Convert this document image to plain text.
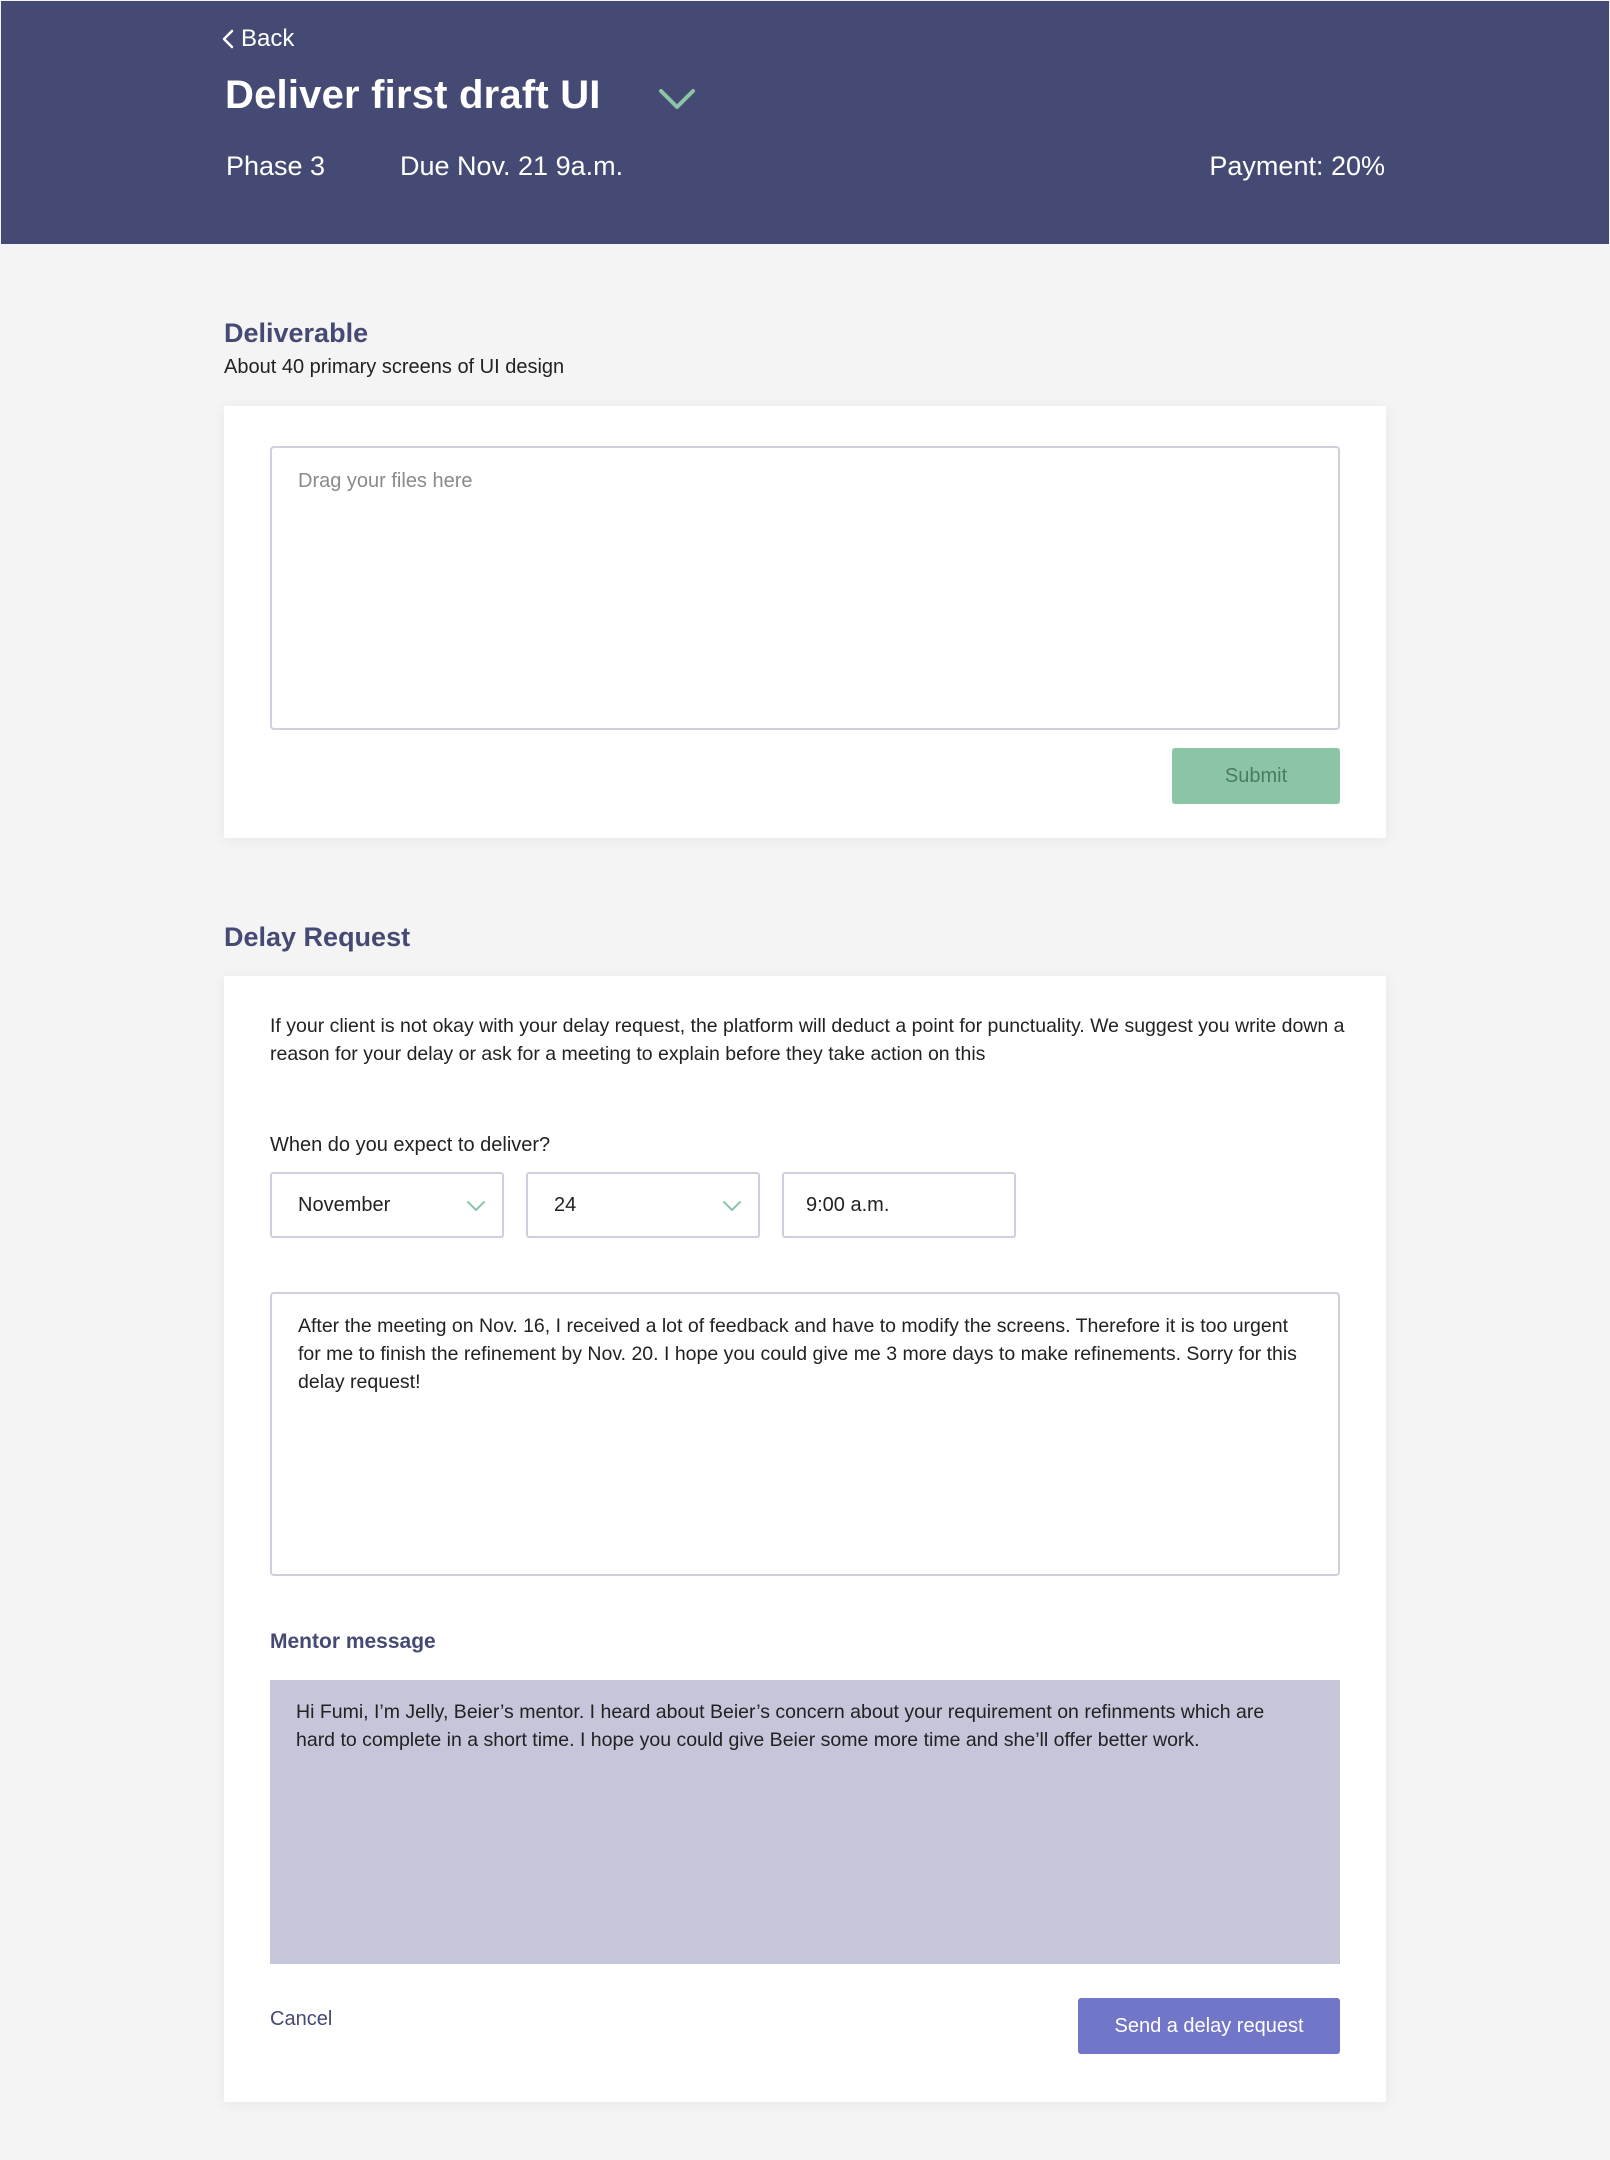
Back
Deliver first draft UI
Phase 3	Due Nov. 21 9a.m.	Payment: 20%
Deliverable
About 40 primary screens of UI design
Drag your files here
Submit
Delay Request

If your client is not okay with your delay request, the platform will deduct a point for punctuality. We suggest you write down a reason for your delay or ask for a meeting to explain before they take action on this

When do you expect to deliver?
November	24	9:00 a.m.

After the meeting on Nov. 16, I received a lot of feedback and have to modify the screens. Therefore it is too urgent for me to finish the refinement by Nov. 20. I hope you could give me 3 more days to make refinements. Sorry for this delay request!

Mentor message

Hi Fumi, I’m Jelly, Beier’s mentor. I heard about Beier’s concern about your requirement on refinments which are hard to complete in a short time. I hope you could give Beier some more time and she’ll offer better work.

Cancel	Send a delay request
